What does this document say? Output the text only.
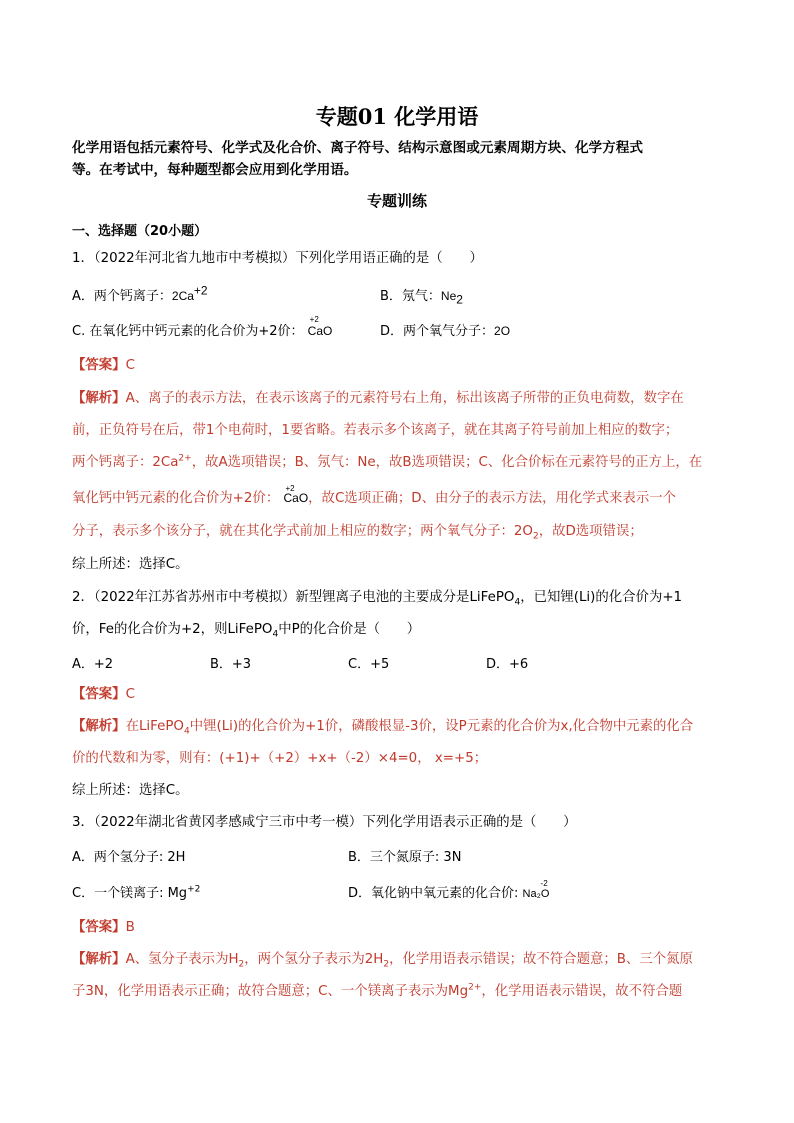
专题01 化学用语
化学用语包括元素符号、化学式及化合价、离子符号、结构示意图或元素周期方块、化学方程式
等。在考试中，每种题型都会应用到化学用语。
专题训练
一、选择题（20小题）
1．（2022年河北省九地市中考模拟）下列化学用语正确的是（　　）
A．两个钙离子：$2Ca^{+2}$	B．氖气：$Ne_2$
C. 在氧化钙中钙元素的化合价为+2价：
+2
CaO	D．两个氧气分子：2O
【答案】C
【解析】A、离子的表示方法，在表示该离子的元素符号右上角，标出该离子所带的正负电荷数，数字在
前，正负符号在后，带1个电荷时，1要省略。若表示多个该离子，就在其离子符号前加上相应的数字；
两个钙离子：$2Ca^{2+}$，故A选项错误；B、氖气：Ne，故B选项错误；C、化合价标在元素符号的正方上，在
氧化钙中钙元素的化合价为+2价：
+2
CaO，故C选项正确；D、由分子的表示方法，用化学式来表示一个
分子，表示多个该分子，就在其化学式前加上相应的数字；两个氧气分子：$2O_2$，故D选项错误；
综上所述：选择C。
2．（2022年江苏省苏州市中考模拟）新型锂离子电池的主要成分是LiFePO$_4$，已知锂(Li)的化合价为+1
价，Fe的化合价为+2，则LiFePO$_4$中P的化合价是（　　）
A．+2	B．+3	C．+5	D．+6
【答案】C
【解析】在LiFePO$_4$中锂(Li)的化合价为+1价，磷酸根显-3价，设P元素的化合价为x,化合物中元素的化合
价的代数和为零，则有：(+1)+（+2）+x+（-2）×4=0， x=+5；
综上所述：选择C。
3．（2022年湖北省黄冈孝感咸宁三市中考一模）下列化学用语表示正确的是（　　）
A．两个氢分子: 2H	B．三个氮原子: 3N
C．一个镁离子: $Mg^{+2}$	D．氧化钠中氧元素的化合价:
-2
Na₂O
【答案】B
【解析】A、氢分子表示为$H_2$，两个氢分子表示为$2H_2$，化学用语表示错误；故不符合题意；B、三个氮原
子3N，化学用语表示正确；故符合题意；C、一个镁离子表示为$Mg^{2+}$，化学用语表示错误，故不符合题
